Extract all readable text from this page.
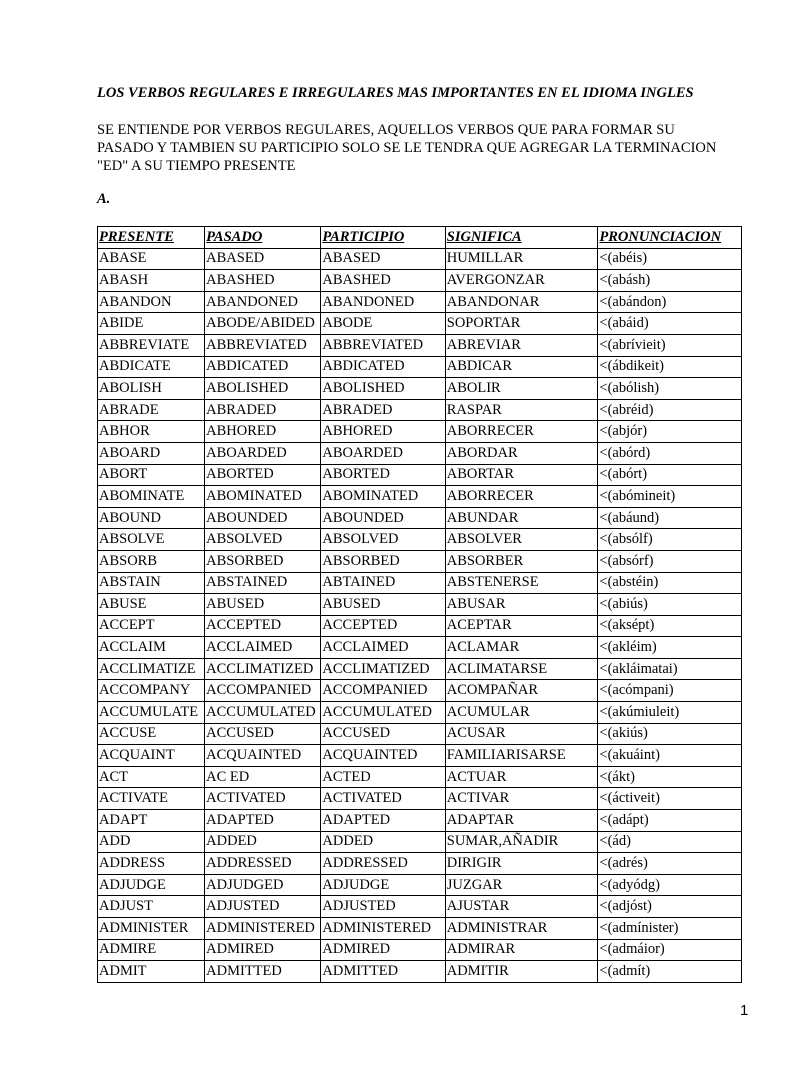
LOS VERBOS REGULARES E IRREGULARES MAS IMPORTANTES EN EL IDIOMA INGLES
SE ENTIENDE POR VERBOS REGULARES, AQUELLOS VERBOS QUE PARA FORMAR SU
PASADO Y TAMBIEN SU PARTICIPIO SOLO SE LE TENDRA QUE AGREGAR LA TERMINACION
"ED" A SU TIEMPO PRESENTE
A.
PRESENTE	PASADO	PARTICIPIO	SIGNIFICA	PRONUNCIACION
ABASE	ABASED	ABASED	HUMILLAR	<(abéis)
ABASH	ABASHED	ABASHED	AVERGONZAR	<(abásh)
ABANDON	ABANDONED	ABANDONED	ABANDONAR	<(abándon)
ABIDE	ABODE/ABIDED	ABODE	SOPORTAR	<(abáid)
ABBREVIATE	ABBREVIATED	ABBREVIATED	ABREVIAR	<(abrívieit)
ABDICATE	ABDICATED	ABDICATED	ABDICAR	<(ábdikeit)
ABOLISH	ABOLISHED	ABOLISHED	ABOLIR	<(abólish)
ABRADE	ABRADED	ABRADED	RASPAR	<(abréid)
ABHOR	ABHORED	ABHORED	ABORRECER	<(abjór)
ABOARD	ABOARDED	ABOARDED	ABORDAR	<(abórd)
ABORT	ABORTED	ABORTED	ABORTAR	<(abórt)
ABOMINATE	ABOMINATED	ABOMINATED	ABORRECER	<(abómineit)
ABOUND	ABOUNDED	ABOUNDED	ABUNDAR	<(abáund)
ABSOLVE	ABSOLVED	ABSOLVED	ABSOLVER	<(absólf)
ABSORB	ABSORBED	ABSORBED	ABSORBER	<(absórf)
ABSTAIN	ABSTAINED	ABTAINED	ABSTENERSE	<(abstéin)
ABUSE	ABUSED	ABUSED	ABUSAR	<(abiús)
ACCEPT	ACCEPTED	ACCEPTED	ACEPTAR	<(aksépt)
ACCLAIM	ACCLAIMED	ACCLAIMED	ACLAMAR	<(akléim)
ACCLIMATIZE	ACCLIMATIZED	ACCLIMATIZED	ACLIMATARSE	<(akláimatai)
ACCOMPANY	ACCOMPANIED	ACCOMPANIED	ACOMPAÑAR	<(acómpani)
ACCUMULATE	ACCUMULATED	ACCUMULATED	ACUMULAR	<(akúmiuleit)
ACCUSE	ACCUSED	ACCUSED	ACUSAR	<(akiús)
ACQUAINT	ACQUAINTED	ACQUAINTED	FAMILIARISARSE	<(akuáint)
ACT	AC ED	ACTED	ACTUAR	<(ákt)
ACTIVATE	ACTIVATED	ACTIVATED	ACTIVAR	<(áctiveit)
ADAPT	ADAPTED	ADAPTED	ADAPTAR	<(adápt)
ADD	ADDED	ADDED	SUMAR,AÑADIR	<(ád)
ADDRESS	ADDRESSED	ADDRESSED	DIRIGIR	<(adrés)
ADJUDGE	ADJUDGED	ADJUDGE	JUZGAR	<(adyódg)
ADJUST	ADJUSTED	ADJUSTED	AJUSTAR	<(adjóst)
ADMINISTER	ADMINISTERED	ADMINISTERED	ADMINISTRAR	<(admínister)
ADMIRE	ADMIRED	ADMIRED	ADMIRAR	<(admáior)
ADMIT	ADMITTED	ADMITTED	ADMITIR	<(admít)
1
